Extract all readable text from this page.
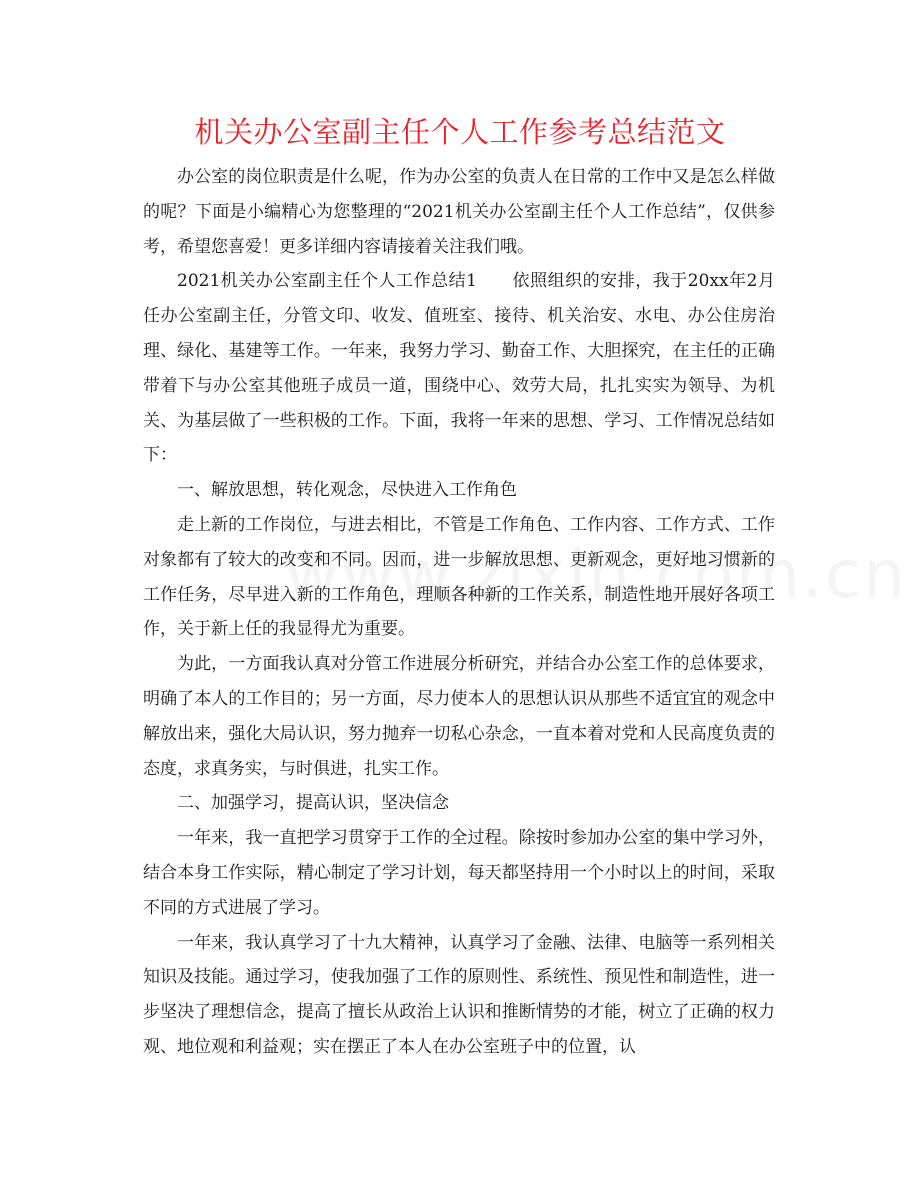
机关办公室副主任个人工作参考总结范文

办公室的岗位职责是什么呢，作为办公室的负责人在日常的工作中又是怎么样做的呢？下面是小编精心为您整理的“2021机关办公室副主任个人工作总结”，仅供参考，希望您喜爱！更多详细内容请接着关注我们哦。

2021机关办公室副主任个人工作总结1　　依照组织的安排，我于20xx年2月任办公室副主任，分管文印、收发、值班室、接待、机关治安、水电、办公住房治理、绿化、基建等工作。一年来，我努力学习、勤奋工作、大胆探究，在主任的正确带着下与办公室其他班子成员一道，围绕中心、效劳大局，扎扎实实为领导、为机关、为基层做了一些积极的工作。下面，我将一年来的思想、学习、工作情况总结如下：

一、解放思想，转化观念，尽快进入工作角色

走上新的工作岗位，与进去相比，不管是工作角色、工作内容、工作方式、工作对象都有了较大的改变和不同。因而，进一步解放思想、更新观念，更好地习惯新的工作任务，尽早进入新的工作角色，理顺各种新的工作关系，制造性地开展好各项工作，关于新上任的我显得尤为重要。

为此，一方面我认真对分管工作进展分析研究，并结合办公室工作的总体要求，明确了本人的工作目的；另一方面，尽力使本人的思想认识从那些不适宜宜的观念中解放出来，强化大局认识，努力抛弃一切私心杂念，一直本着对党和人民高度负责的态度，求真务实，与时俱进，扎实工作。

二、加强学习，提高认识，坚决信念

一年来，我一直把学习贯穿于工作的全过程。除按时参加办公室的集中学习外，结合本身工作实际，精心制定了学习计划，每天都坚持用一个小时以上的时间，采取不同的方式进展了学习。

一年来，我认真学习了十九大精神，认真学习了金融、法律、电脑等一系列相关知识及技能。通过学习，使我加强了工作的原则性、系统性、预见性和制造性，进一步坚决了理想信念，提高了擅长从政治上认识和推断情势的才能，树立了正确的权力观、地位观和利益观；实在摆正了本人在办公室班子中的位置，认
